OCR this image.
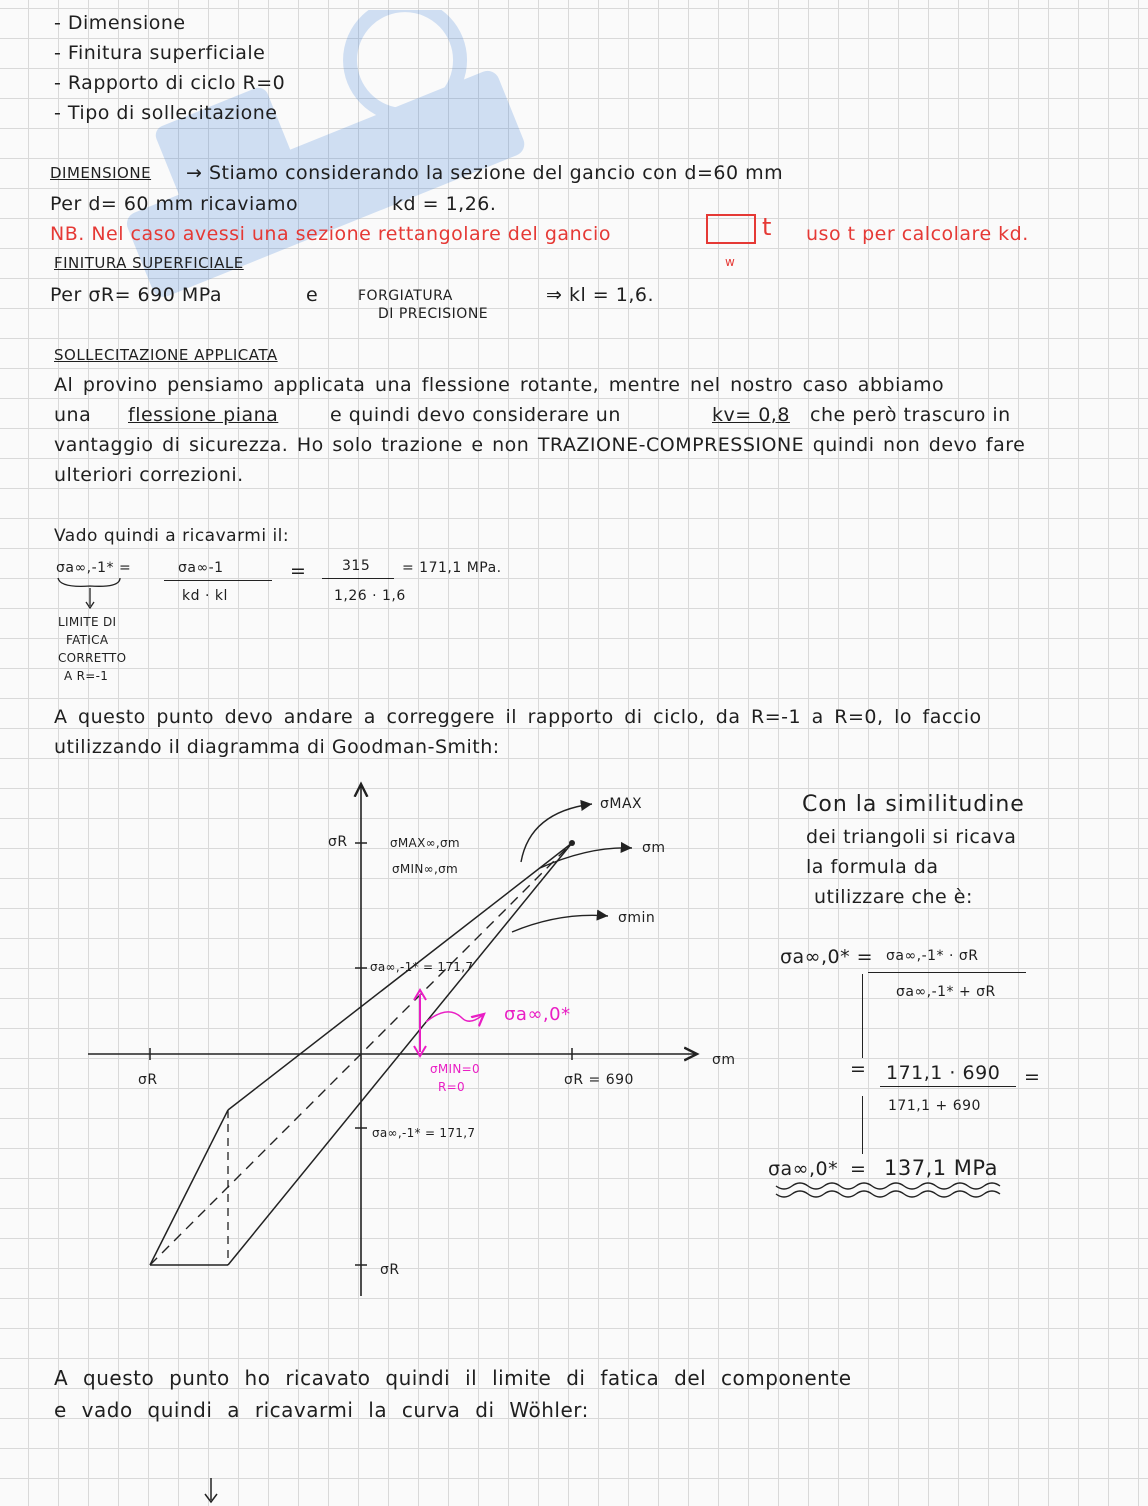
- Dimensione
- Finitura superficiale
- Rapporto di ciclo R=0
- Tipo di sollecitazione
DIMENSIONE → Stiamo considerando la sezione del gancio con d=60 mm
Per d= 60 mm ricaviamo	kd = 1,26.
NB. Nel caso avessi una sezione rettangolare del gancio	t
w
uso t per calcolare kd.
FINITURA SUPERFICIALE
Per σR= 690 MPa	e	FORGIATURA
DI PRECISIONE
⇒ kl = 1,6.
SOLLECITAZIONE APPLICATA
Al provino pensiamo applicata una flessione rotante, mentre nel nostro caso abbiamo
una flessione piana	e quindi devo considerare un	kv= 0,8 che però trascuro in
vantaggio di sicurezza. Ho solo trazione e non TRAZIONE-COMPRESSIONE quindi non devo fare
ulteriori correzioni.
Vado quindi a ricavarmi il:
σa∞,-1* =	σa∞-1
kd · kl
=	315
1,26 · 1,6
= 171,1 MPa.
LIMITE DI
FATICA
CORRETTO
A R=-1
A questo punto devo andare a correggere il rapporto di ciclo, da R=-1 a R=0, lo faccio
utilizzando il diagramma di Goodman-Smith:
σR	σMAX∞,σm
σMIN∞,σm
σMAX
σm
σmin
σa∞,-1* = 171,7
σa∞,0*
σMIN=0
R=0
σR	σR = 690
σm
σa∞,-1* = 171,7
σR
Con la similitudine
dei triangoli si ricava
la formula da
utilizzare che è:
σa∞,0* = σa∞,-1* · σR
σa∞,-1* + σR
= 171,1 · 690
171,1 + 690
=
σa∞,0* = 137,1 MPa
A questo punto ho ricavato quindi il limite di fatica del componente
e vado quindi a ricavarmi la curva di Wöhler:
